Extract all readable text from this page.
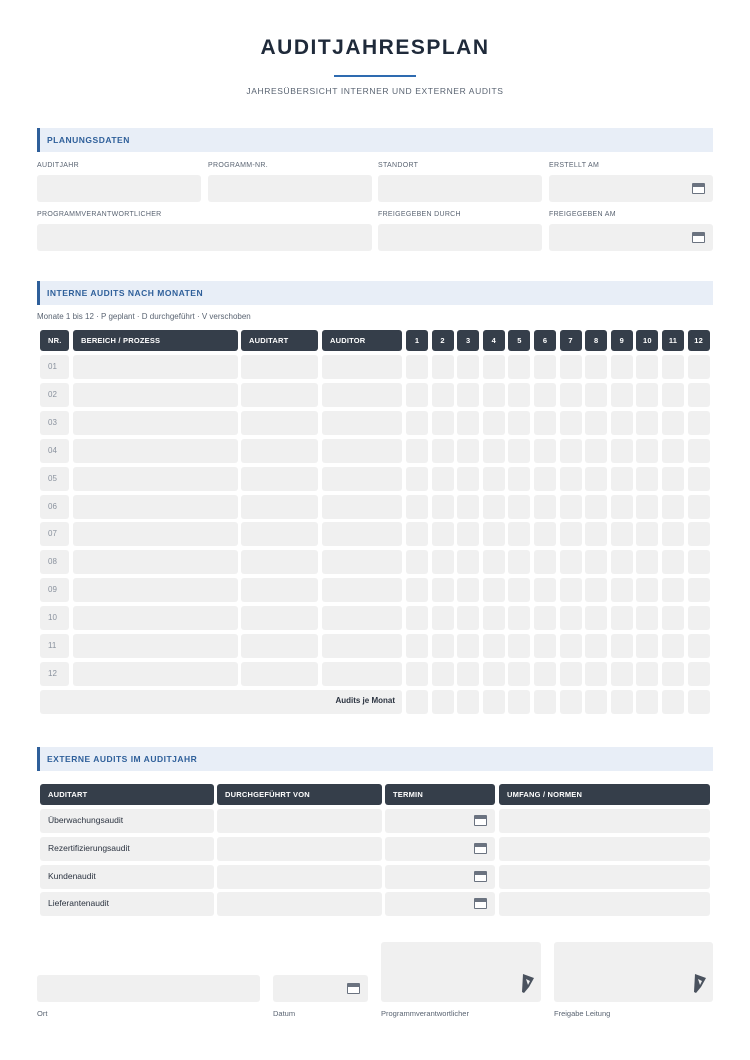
AUDITJAHRESPLAN
JAHRESÜBERSICHT INTERNER UND EXTERNER AUDITS
PLANUNGSDATEN
AUDITJAHR	PROGRAMM-NR.	STANDORT	ERSTELLT AM
PROGRAMMVERANTWORTLICHER	FREIGEGEBEN DURCH	FREIGEGEBEN AM
INTERNE AUDITS NACH MONATEN
Monate 1 bis 12 · P geplant · D durchgeführt · V verschoben
NR.	BEREICH / PROZESS	AUDITART	AUDITOR	1	2	3	4	5	6	7	8	9	10	11	12
01
02
03
04
05
06
07
08
09
10
11
12
Audits je Monat
EXTERNE AUDITS IM AUDITJAHR
AUDITART	DURCHGEFÜHRT VON	TERMIN	UMFANG / NORMEN
Überwachungsaudit
Rezertifizierungsaudit
Kundenaudit
Lieferantenaudit
Ort	Datum	Programmverantwortlicher	Freigabe Leitung
